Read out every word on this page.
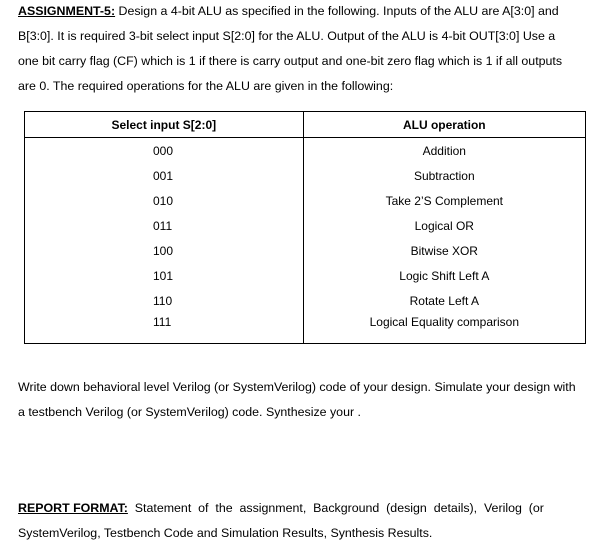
ASSIGNMENT-5: Design a 4-bit ALU as specified in the following. Inputs of the ALU are A[3:0] and
B[3:0]. It is required 3-bit select input S[2:0] for the ALU. Output of the ALU is 4-bit OUT[3:0] Use a
one bit carry flag (CF) which is 1 if there is carry output and one-bit zero flag which is 1 if all outputs
are 0. The required operations for the ALU are given in the following:
Select input S[2:0]	ALU operation
000	Addition
001	Subtraction
010	Take 2’S Complement
011	Logical OR
100	Bitwise XOR
101	Logic Shift Left A
110	Rotate Left A
111	Logical Equality comparison
Write down behavioral level Verilog (or SystemVerilog) code of your design. Simulate your design with
a testbench Verilog (or SystemVerilog) code. Synthesize your .
REPORT FORMAT:  Statement  of  the  assignment,  Background  (design  details),  Verilog  (or
SystemVerilog, Testbench Code and Simulation Results, Synthesis Results.
